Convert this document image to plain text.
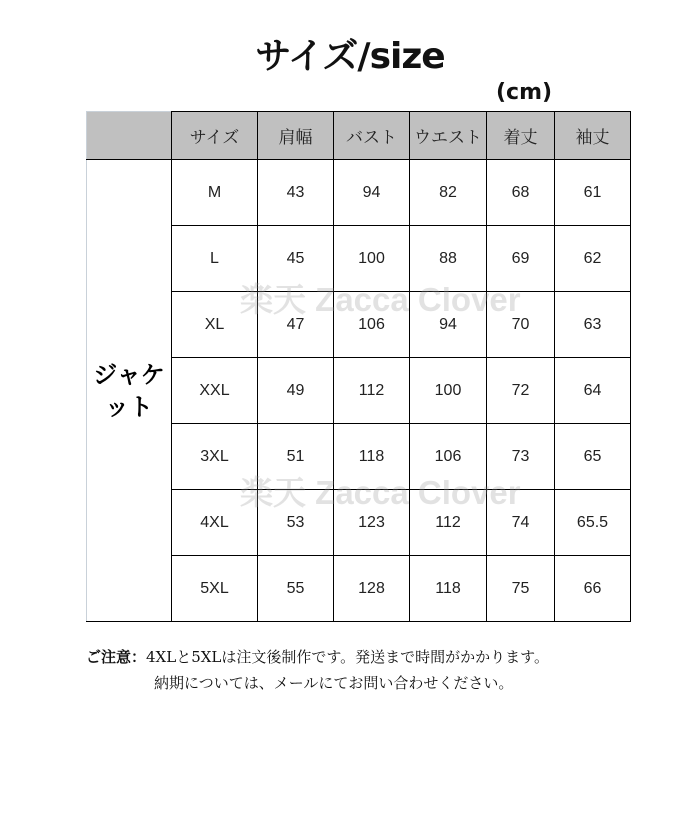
サイズ/size
(cm)
	サイズ	肩幅	バスト	ウエスト	着丈	袖丈
ジャケット	M	43	94	82	68	61
	L	45	100	88	69	62
	XL	47	106	94	70	63
	XXL	49	112	100	72	64
	3XL	51	118	106	73	65
	4XL	53	123	112	74	65.5
	5XL	55	128	118	75	66
楽天 Zacca Clover
楽天 Zacca Clover
ご注意：4XLと5XLは注文後制作です。発送まで時間がかかります。
納期については、メールにてお問い合わせください。
